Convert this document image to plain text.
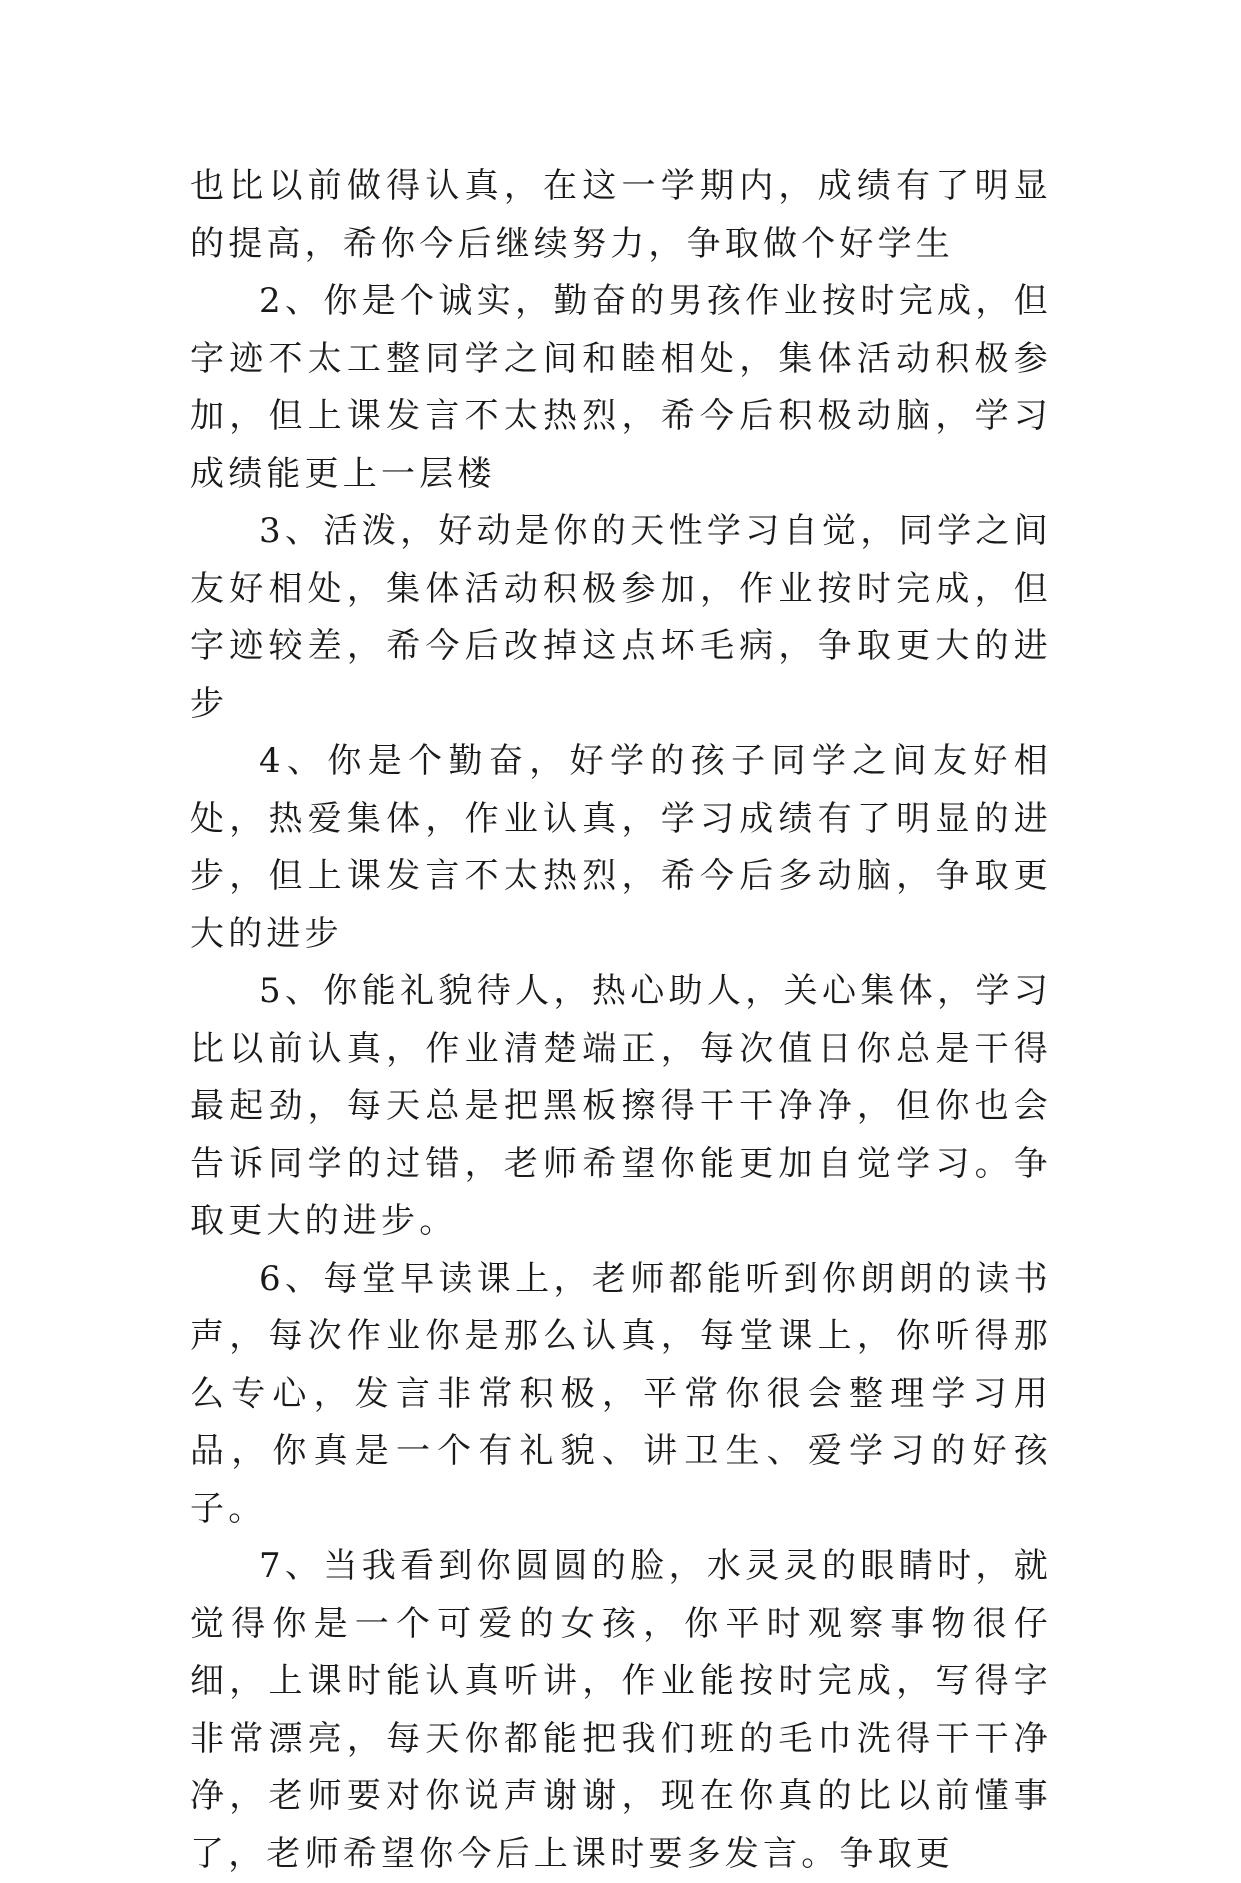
也比以前做得认真，在这一学期内，成绩有了明显的提高，希你今后继续努力，争取做个好学生

2、你是个诚实，勤奋的男孩作业按时完成，但字迹不太工整同学之间和睦相处，集体活动积极参加，但上课发言不太热烈，希今后积极动脑，学习成绩能更上一层楼

3、活泼，好动是你的天性学习自觉，同学之间友好相处，集体活动积极参加，作业按时完成，但字迹较差，希今后改掉这点坏毛病，争取更大的进步

4、你是个勤奋，好学的孩子同学之间友好相处，热爱集体，作业认真，学习成绩有了明显的进步，但上课发言不太热烈，希今后多动脑，争取更大的进步

5、你能礼貌待人，热心助人，关心集体，学习比以前认真，作业清楚端正，每次值日你总是干得最起劲，每天总是把黑板擦得干干净净，但你也会告诉同学的过错，老师希望你能更加自觉学习。争取更大的进步。

6、每堂早读课上，老师都能听到你朗朗的读书声，每次作业你是那么认真，每堂课上，你听得那么专心，发言非常积极，平常你很会整理学习用品，你真是一个有礼貌、讲卫生、爱学习的好孩子。

7、当我看到你圆圆的脸，水灵灵的眼睛时，就觉得你是一个可爱的女孩，你平时观察事物很仔细，上课时能认真听讲，作业能按时完成，写得字非常漂亮，每天你都能把我们班的毛巾洗得干干净净，老师要对你说声谢谢，现在你真的比以前懂事了，老师希望你今后上课时要多发言。争取更
